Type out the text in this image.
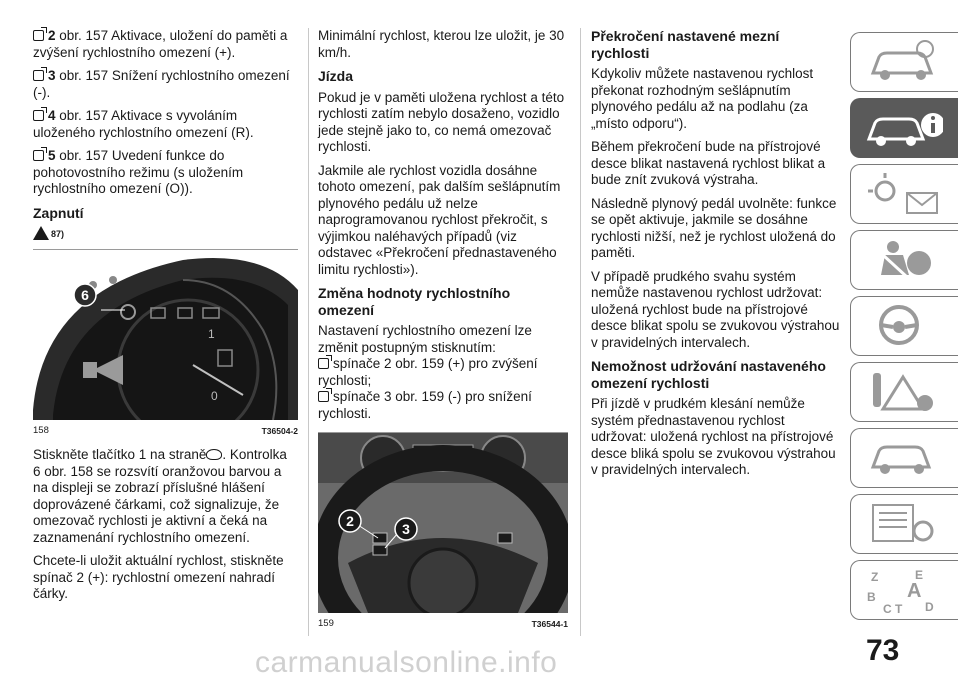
2 obr. 157 Aktivace, uložení do paměti a zvýšení rychlostního omezení (+).

3 obr. 157 Snížení rychlostního omezení (-).

4 obr. 157 Aktivace s vyvoláním uloženého rychlostního omezení (R).

5 obr. 157 Uvedení funkce do pohotovostního režimu (s uložením rychlostního omezení (O)).

Zapnutí
$^{87)}$
1
0
6
158	T36504-2

Stiskněte tlačítko 1 na straně . Kontrolka 6 obr. 158 se rozsvítí oranžovou barvou a na displeji se zobrazí příslušné hlášení doprovázené čárkami, což signalizuje, že omezovač rychlosti je aktivní a čeká na zaznamenání rychlostního omezení.

Chcete-li uložit aktuální rychlost, stiskněte spínač 2 (+): rychlostní omezení nahradí čárky.

Minimální rychlost, kterou lze uložit, je 30 km/h.

Jízda

Pokud je v paměti uložena rychlost a této rychlosti zatím nebylo dosaženo, vozidlo jede stejně jako to, co nemá omezovač rychlosti.

Jakmile ale rychlost vozidla dosáhne tohoto omezení, pak dalším sešlápnutím plynového pedálu už nelze naprogramovanou rychlost překročit, s výjimkou naléhavých případů (viz odstavec «Překročení přednastaveného limitu rychlosti»).

Změna hodnoty rychlostního omezení

Nastavení rychlostního omezení lze změnit postupným stisknutím:

spínače 2 obr. 159 (+) pro zvýšení rychlosti;

spínače 3 obr. 159 (-) pro snížení rychlosti.

888
2	3
159	T36544-1
Překročení nastavené mezní rychlosti

Kdykoliv můžete nastavenou rychlost překonat rozhodným sešlápnutím plynového pedálu až na podlahu (za „místo odporu“).

Během překročení bude na přístrojové desce blikat nastavená rychlost blikat a bude znít zvuková výstraha.

Následně plynový pedál uvolněte: funkce se opět aktivuje, jakmile se dosáhne rychlosti nižší, než je rychlost uložená do paměti.

V případě prudkého svahu systém nemůže nastavenou rychlost udržovat: uložená rychlost bude na přístrojové desce blikat spolu se zvukovou výstrahou v pravidelných intervalech.

Nemožnost udržování nastaveného omezení rychlosti

Při jízdě v prudkém klesání nemůže systém přednastavenou rychlost udržovat: uložená rychlost na přístrojové desce bliká spolu se zvukovou výstrahou v pravidelných intervalech.

Z	E
B
C T
A
D
73
carmanualsonline.info
